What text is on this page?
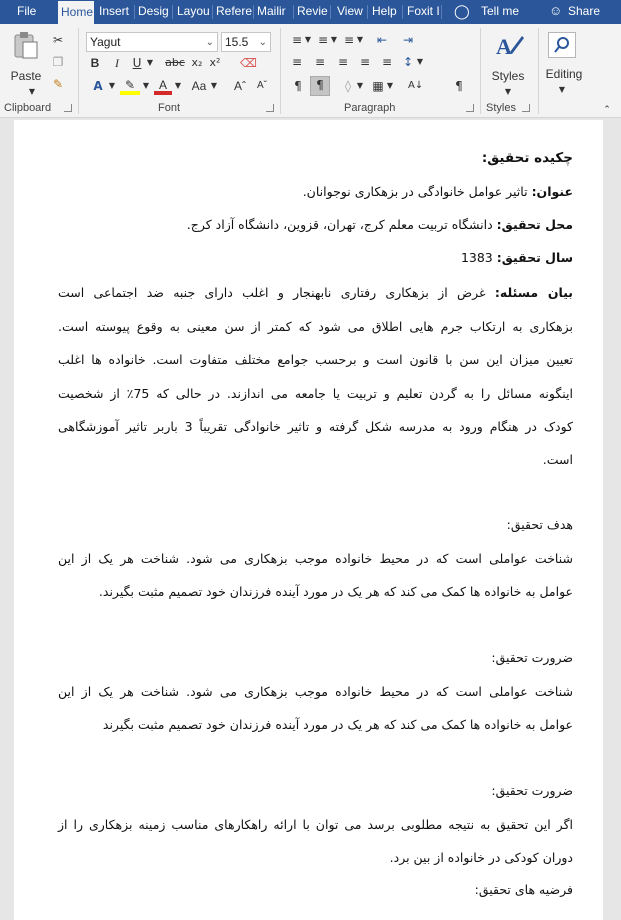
File	Home Insert Desig Layou Refere Mailir Revie View Help Foxit I ◯ Tell me	☺ Share
Paste
▼
✂
❐
✎
Clipboard
Yagut	⌄ 15.5 ⌄
B	I	U ▼ abc x₂ x² ⌫
A ▼ ✎ ▼ A ▼ Aa ▼ Aˆ	Aˇ
Font
≡ ▼ ≡ ▼ ≡ ▼ ⇤ ⇥
≡ ≡ ≡ ≡ ≡ ↕ ▼
¶	¶	◊ ▼ ▦ ▼ A↓	¶
Paragraph
A
Styles
▼
Styles
Editing
▼
⌃
چکیده تحقیق:
عنوان: تاثیر عوامل خانوادگی در بزهکاری نوجوانان.
محل تحقیق: دانشگاه تربیت معلم کرج، تهران، قزوین، دانشگاه آزاد کرج.
سال تحقیق: 1383
بیان مسئله: غرض از بزهکاری رفتاری نابهنجار و اغلب دارای جنبه ضد اجتماعی است
بزهکاری به ارتکاب جرم هایی اطلاق می شود که کمتر از سن معینی به وقوع پیوسته است.
تعیین میزان این سن با قانون است و برحسب جوامع مختلف متفاوت است. خانواده ها اغلب
اینگونه مسائل را به گردن تعلیم و تربیت یا جامعه می اندازند. در حالی که 75٪ از شخصیت
کودک در هنگام ورود به مدرسه شکل گرفته و تاثیر خانوادگی تقریباً 3 باربر تاثیر آموزشگاهی
است.
هدف تحقیق:
شناخت عواملی است که در محیط خانواده موجب بزهکاری می شود. شناخت هر یک از این
عوامل به خانواده ها کمک می کند که هر یک در مورد آینده فرزندان خود تصمیم مثبت بگیرند.
ضرورت تحقیق:
شناخت عواملی است که در محیط خانواده موجب بزهکاری می شود. شناخت هر یک از این
عوامل به خانواده ها کمک می کند که هر یک در مورد آینده فرزندان خود تصمیم مثبت بگیرند
ضرورت تحقیق:
اگر این تحقیق به نتیجه مطلوبی برسد می توان با ارائه راهکارهای مناسب زمینه بزهکاری را از
دوران کودکی در خانواده از بین برد.
فرضیه های تحقیق:
